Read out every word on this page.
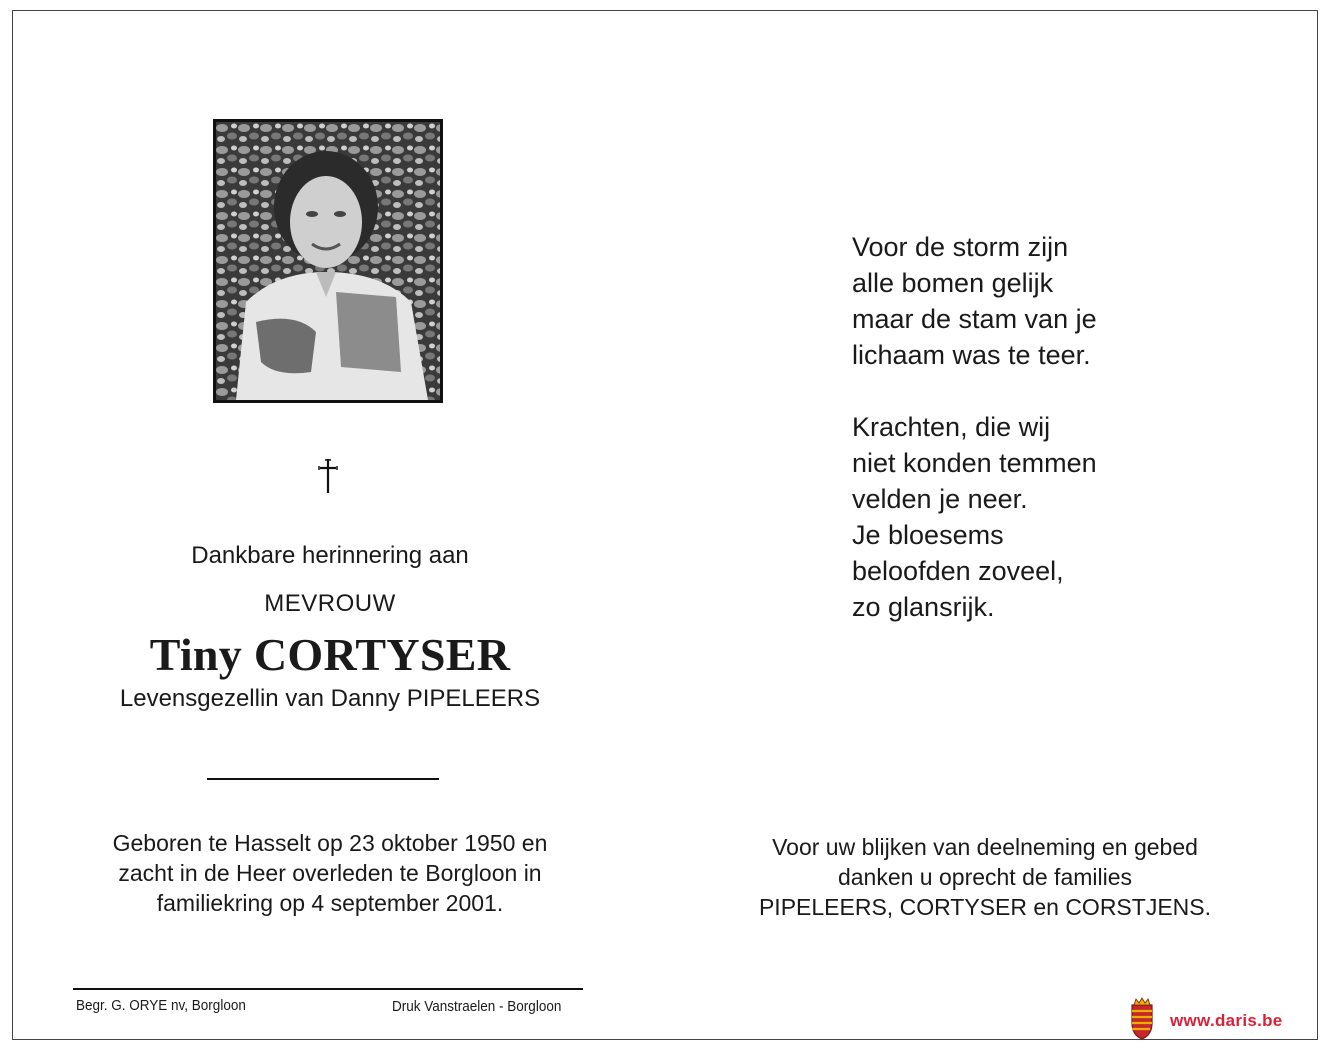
Dankbare herinnering aan
MEVROUW
Tiny CORTYSER
Levensgezellin van Danny PIPELEERS
Geboren te Hasselt op 23 oktober 1950 en
zacht in de Heer overleden te Borgloon in
familiekring op 4 september 2001.
Begr. G. ORYE nv, Borgloon	Druk Vanstraelen - Borgloon
Voor de storm zijn
alle bomen gelijk
maar de stam van je
lichaam was te teer.
Krachten, die wij
niet konden temmen
velden je neer.
Je bloesems
beloofden zoveel,
zo glansrijk.
Voor uw blijken van deelneming en gebed
danken u oprecht de families
PIPELEERS, CORTYSER en CORSTJENS.
www.daris.be
